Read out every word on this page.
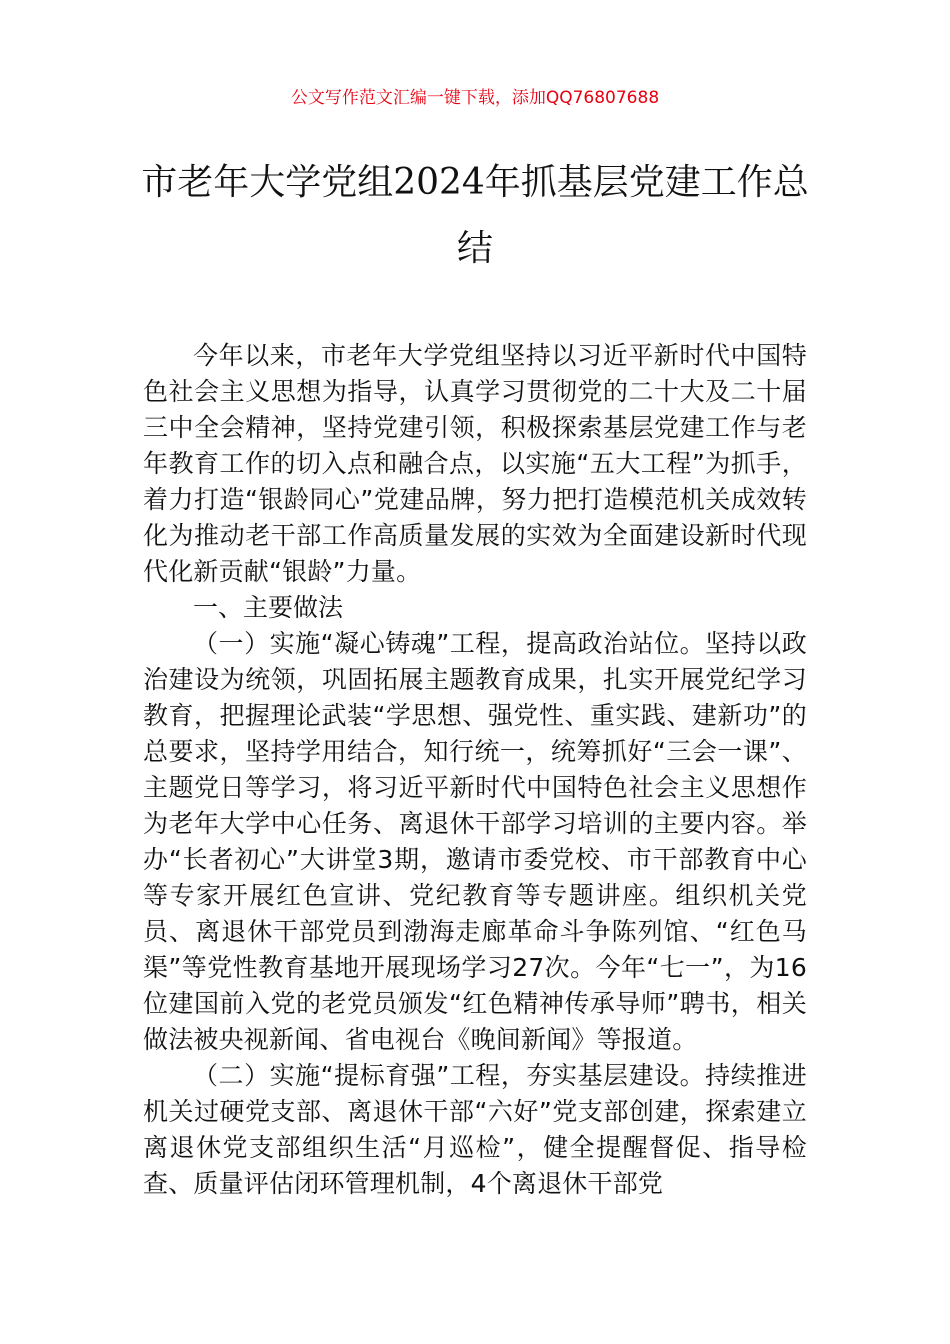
公文写作范文汇编一键下载，添加QQ76807688
市老年大学党组2024年抓基层党建工作总结

今年以来，市老年大学党组坚持以习近平新时代中国特色社会主义思想为指导，认真学习贯彻党的二十大及二十届三中全会精神，坚持党建引领，积极探索基层党建工作与老年教育工作的切入点和融合点，以实施“五大工程”为抓手，着力打造“银龄同心”党建品牌，努力把打造模范机关成效转化为推动老干部工作高质量发展的实效为全面建设新时代现代化新贡献“银龄”力量。

一、主要做法

（一）实施“凝心铸魂”工程，提高政治站位。坚持以政治建设为统领，巩固拓展主题教育成果，扎实开展党纪学习教育，把握理论武装“学思想、强党性、重实践、建新功”的总要求，坚持学用结合，知行统一，统筹抓好“三会一课”、主题党日等学习，将习近平新时代中国特色社会主义思想作为老年大学中心任务、离退休干部学习培训的主要内容。举办“长者初心”大讲堂3期，邀请市委党校、市干部教育中心等专家开展红色宣讲、党纪教育等专题讲座。组织机关党员、离退休干部党员到渤海走廊革命斗争陈列馆、“红色马渠”等党性教育基地开展现场学习27次。今年“七一”，为16位建国前入党的老党员颁发“红色精神传承导师”聘书，相关做法被央视新闻、省电视台《晚间新闻》等报道。

（二）实施“提标育强”工程，夯实基层建设。持续推进机关过硬党支部、离退休干部“六好”党支部创建，探索建立离退休党支部组织生活“月巡检”，健全提醒督促、指导检查、质量评估闭环管理机制，4个离退休干部党
